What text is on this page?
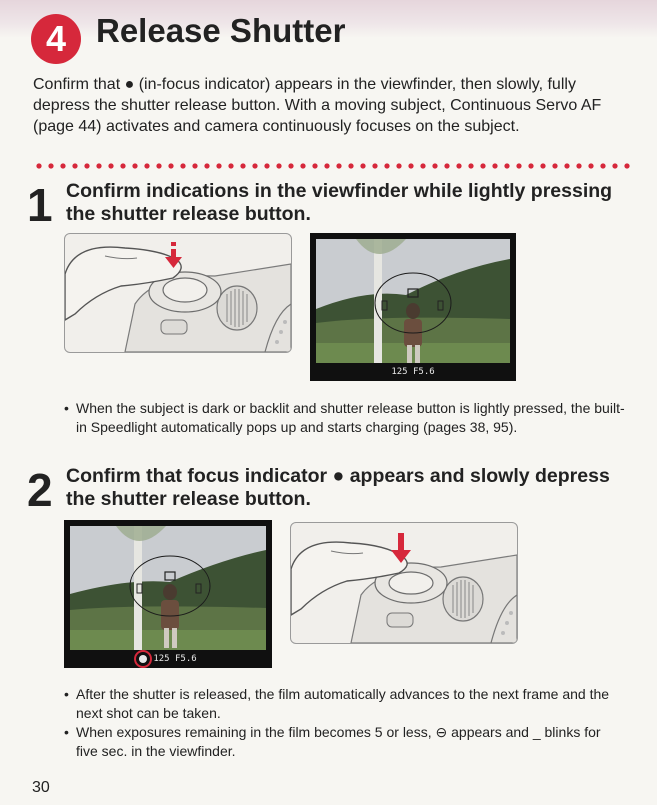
4 Release Shutter
Confirm that ● (in-focus indicator) appears in the viewfinder, then slowly, fully depress the shutter release button. With a moving subject, Continuous Servo AF (page 44) activates and camera continuously focuses on the subject.
1 Confirm indications in the viewfinder while lightly pressing the shutter release button.
125 F5.6
• When the subject is dark or backlit and shutter release button is lightly pressed, the built-in Speedlight automatically pops up and starts charging (pages 38, 95).
2 Confirm that focus indicator ● appears and slowly depress the shutter release button.
125 F5.6
• After the shutter is released, the film automatically advances to the next frame and the next shot can be taken.
• When exposures remaining in the film becomes 5 or less, ⊖ appears and _ blinks for five sec. in the viewfinder.
30
